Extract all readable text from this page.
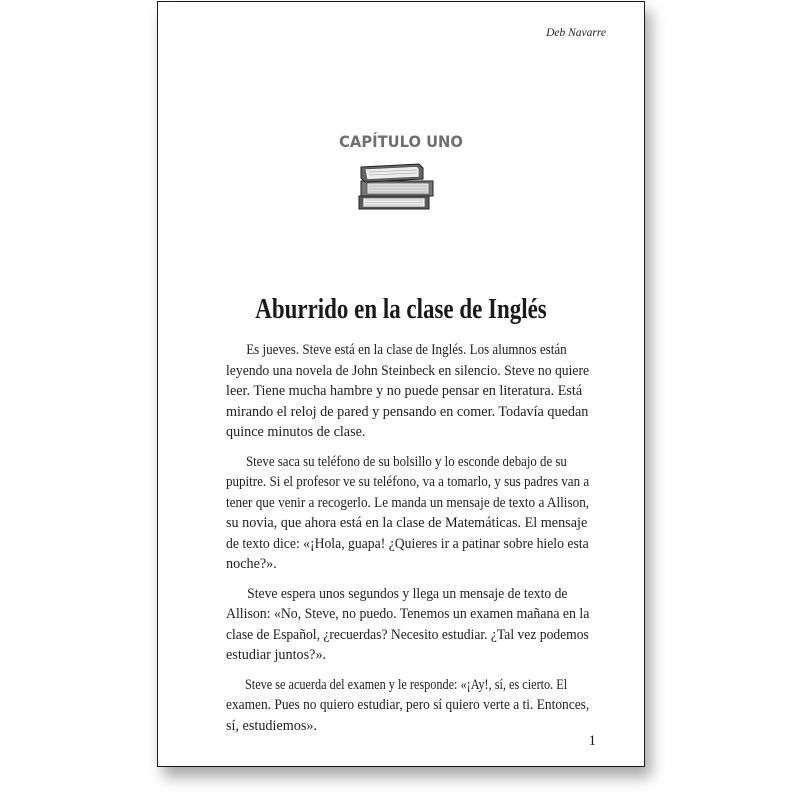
Deb Navarre
CAPÍTULO UNO
Aburrido en la clase de Inglés
Es jueves. Steve está en la clase de Inglés. Los alumnos están
leyendo una novela de John Steinbeck en silencio. Steve no quiere
leer. Tiene mucha hambre y no puede pensar en literatura. Está
mirando el reloj de pared y pensando en comer. Todavía quedan
quince minutos de clase.
Steve saca su teléfono de su bolsillo y lo esconde debajo de su
pupitre. Si el profesor ve su teléfono, va a tomarlo, y sus padres van a
tener que venir a recogerlo. Le manda un mensaje de texto a Allison,
su novia, que ahora está en la clase de Matemáticas. El mensaje
de texto dice: «¡Hola, guapa! ¿Quieres ir a patinar sobre hielo esta
noche?».
Steve espera unos segundos y llega un mensaje de texto de
Allison: «No, Steve, no puedo. Tenemos un examen mañana en la
clase de Español, ¿recuerdas? Necesito estudiar. ¿Tal vez podemos
estudiar juntos?».
Steve se acuerda del examen y le responde: «¡Ay!, sí, es cierto. El
examen. Pues no quiero estudiar, pero sí quiero verte a ti. Entonces,
sí, estudiemos».
1
